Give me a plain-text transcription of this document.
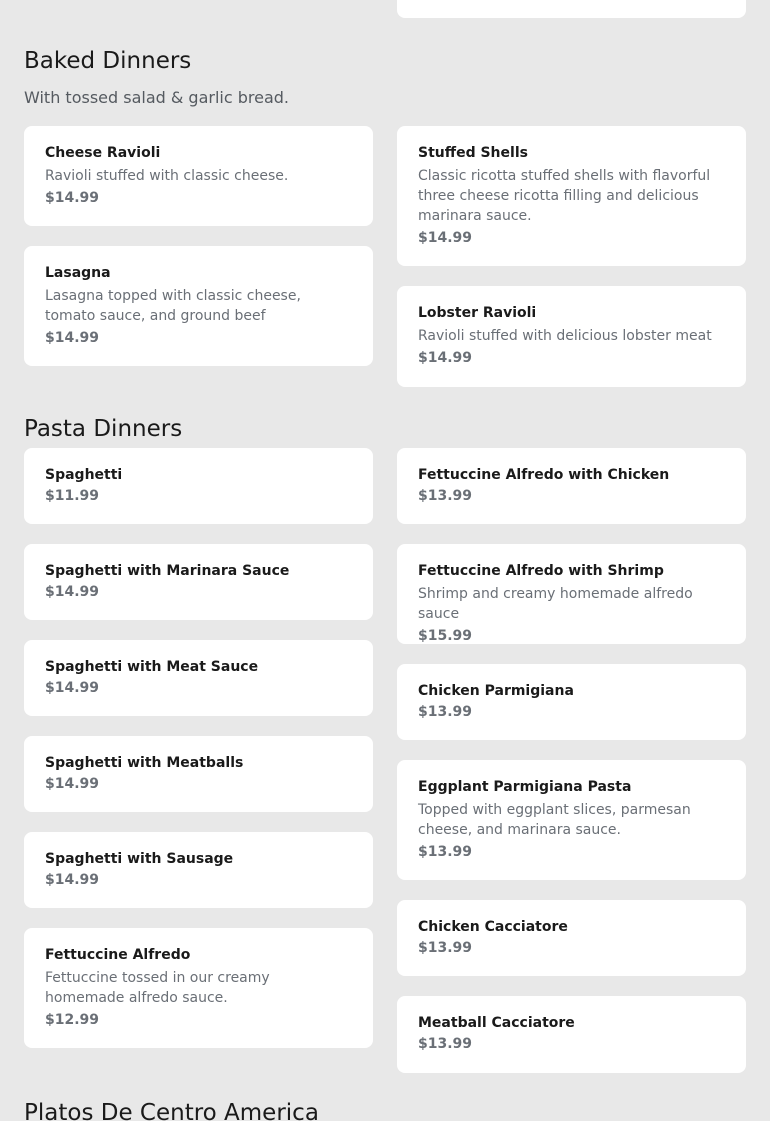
Baked Dinners
With tossed salad & garlic bread.
Cheese Ravioli
Ravioli stuffed with classic cheese.
$14.99
Stuffed Shells
Classic ricotta stuffed shells with flavorful three cheese ricotta filling and delicious marinara sauce.
$14.99
Lasagna
Lasagna topped with classic cheese, tomato sauce, and ground beef
$14.99
Lobster Ravioli
Ravioli stuffed with delicious lobster meat
$14.99
Pasta Dinners
Spaghetti
$11.99
Spaghetti with Marinara Sauce
$14.99
Spaghetti with Meat Sauce
$14.99
Spaghetti with Meatballs
$14.99
Spaghetti with Sausage
$14.99
Fettuccine Alfredo
Fettuccine tossed in our creamy homemade alfredo sauce.
$12.99
Fettuccine Alfredo with Chicken
$13.99
Fettuccine Alfredo with Shrimp
Shrimp and creamy homemade alfredo sauce
$15.99
Chicken Parmigiana
$13.99
Eggplant Parmigiana Pasta
Topped with eggplant slices, parmesan cheese, and marinara sauce.
$13.99
Chicken Cacciatore
$13.99
Meatball Cacciatore
$13.99
Platos De Centro America
